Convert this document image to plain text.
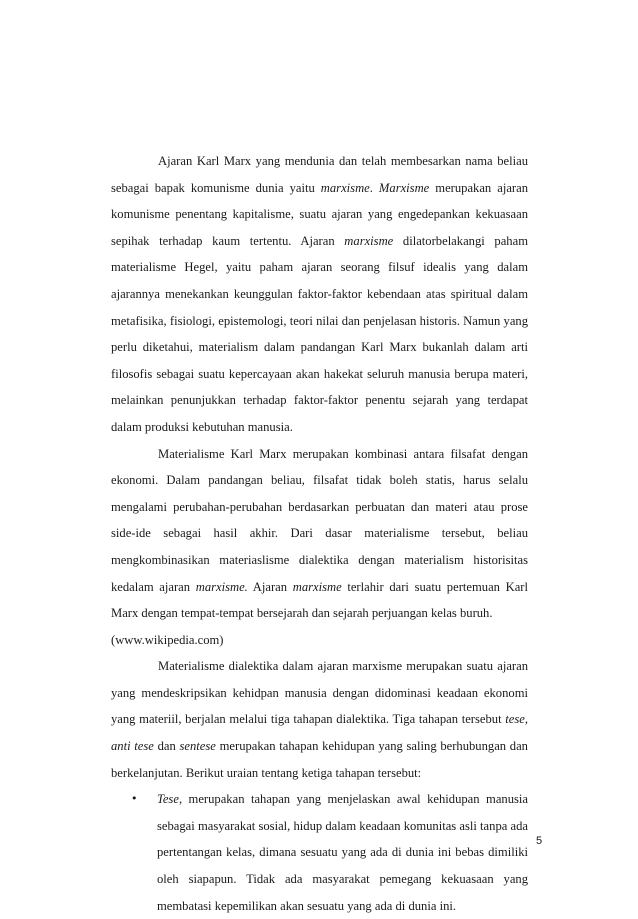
Ajaran Karl Marx yang mendunia dan telah membesarkan nama beliau sebagai bapak komunisme dunia yaitu marxisme. Marxisme merupakan ajaran komunisme penentang kapitalisme, suatu ajaran yang engedepankan kekuasaan sepihak terhadap kaum tertentu. Ajaran marxisme dilatorbelakangi paham materialisme Hegel, yaitu paham ajaran seorang filsuf idealis yang dalam ajarannya menekankan keunggulan faktor-faktor kebendaan atas spiritual dalam metafisika, fisiologi, epistemologi, teori nilai dan penjelasan historis. Namun yang perlu diketahui, materialism dalam pandangan Karl Marx bukanlah dalam arti filosofis sebagai suatu kepercayaan akan hakekat seluruh manusia berupa materi, melainkan penunjukkan terhadap faktor-faktor penentu sejarah yang terdapat dalam produksi kebutuhan manusia.

Materialisme Karl Marx merupakan kombinasi antara filsafat dengan ekonomi. Dalam pandangan beliau, filsafat tidak boleh statis, harus selalu mengalami perubahan-perubahan berdasarkan perbuatan dan materi atau prose side-ide sebagai hasil akhir. Dari dasar materialisme tersebut, beliau mengkombinasikan materiaslisme dialektika dengan materialism historisitas kedalam ajaran marxisme. Ajaran marxisme terlahir dari suatu pertemuan Karl Marx dengan tempat-tempat bersejarah dan sejarah perjuangan kelas buruh.

(www.wikipedia.com)

Materialisme dialektika dalam ajaran marxisme merupakan suatu ajaran yang mendeskripsikan kehidpan manusia dengan didominasi keadaan ekonomi yang materiil, berjalan melalui tiga tahapan dialektika. Tiga tahapan tersebut tese, anti tese dan sentese merupakan tahapan kehidupan yang saling berhubungan dan berkelanjutan. Berikut uraian tentang ketiga tahapan tersebut:

• Tese, merupakan tahapan yang menjelaskan awal kehidupan manusia sebagai masyarakat sosial, hidup dalam keadaan komunitas asli tanpa ada pertentangan kelas, dimana sesuatu yang ada di dunia ini bebas dimiliki oleh siapapun. Tidak ada masyarakat pemegang kekuasaan yang membatasi kepemilikan akan sesuatu yang ada di dunia ini.
5
